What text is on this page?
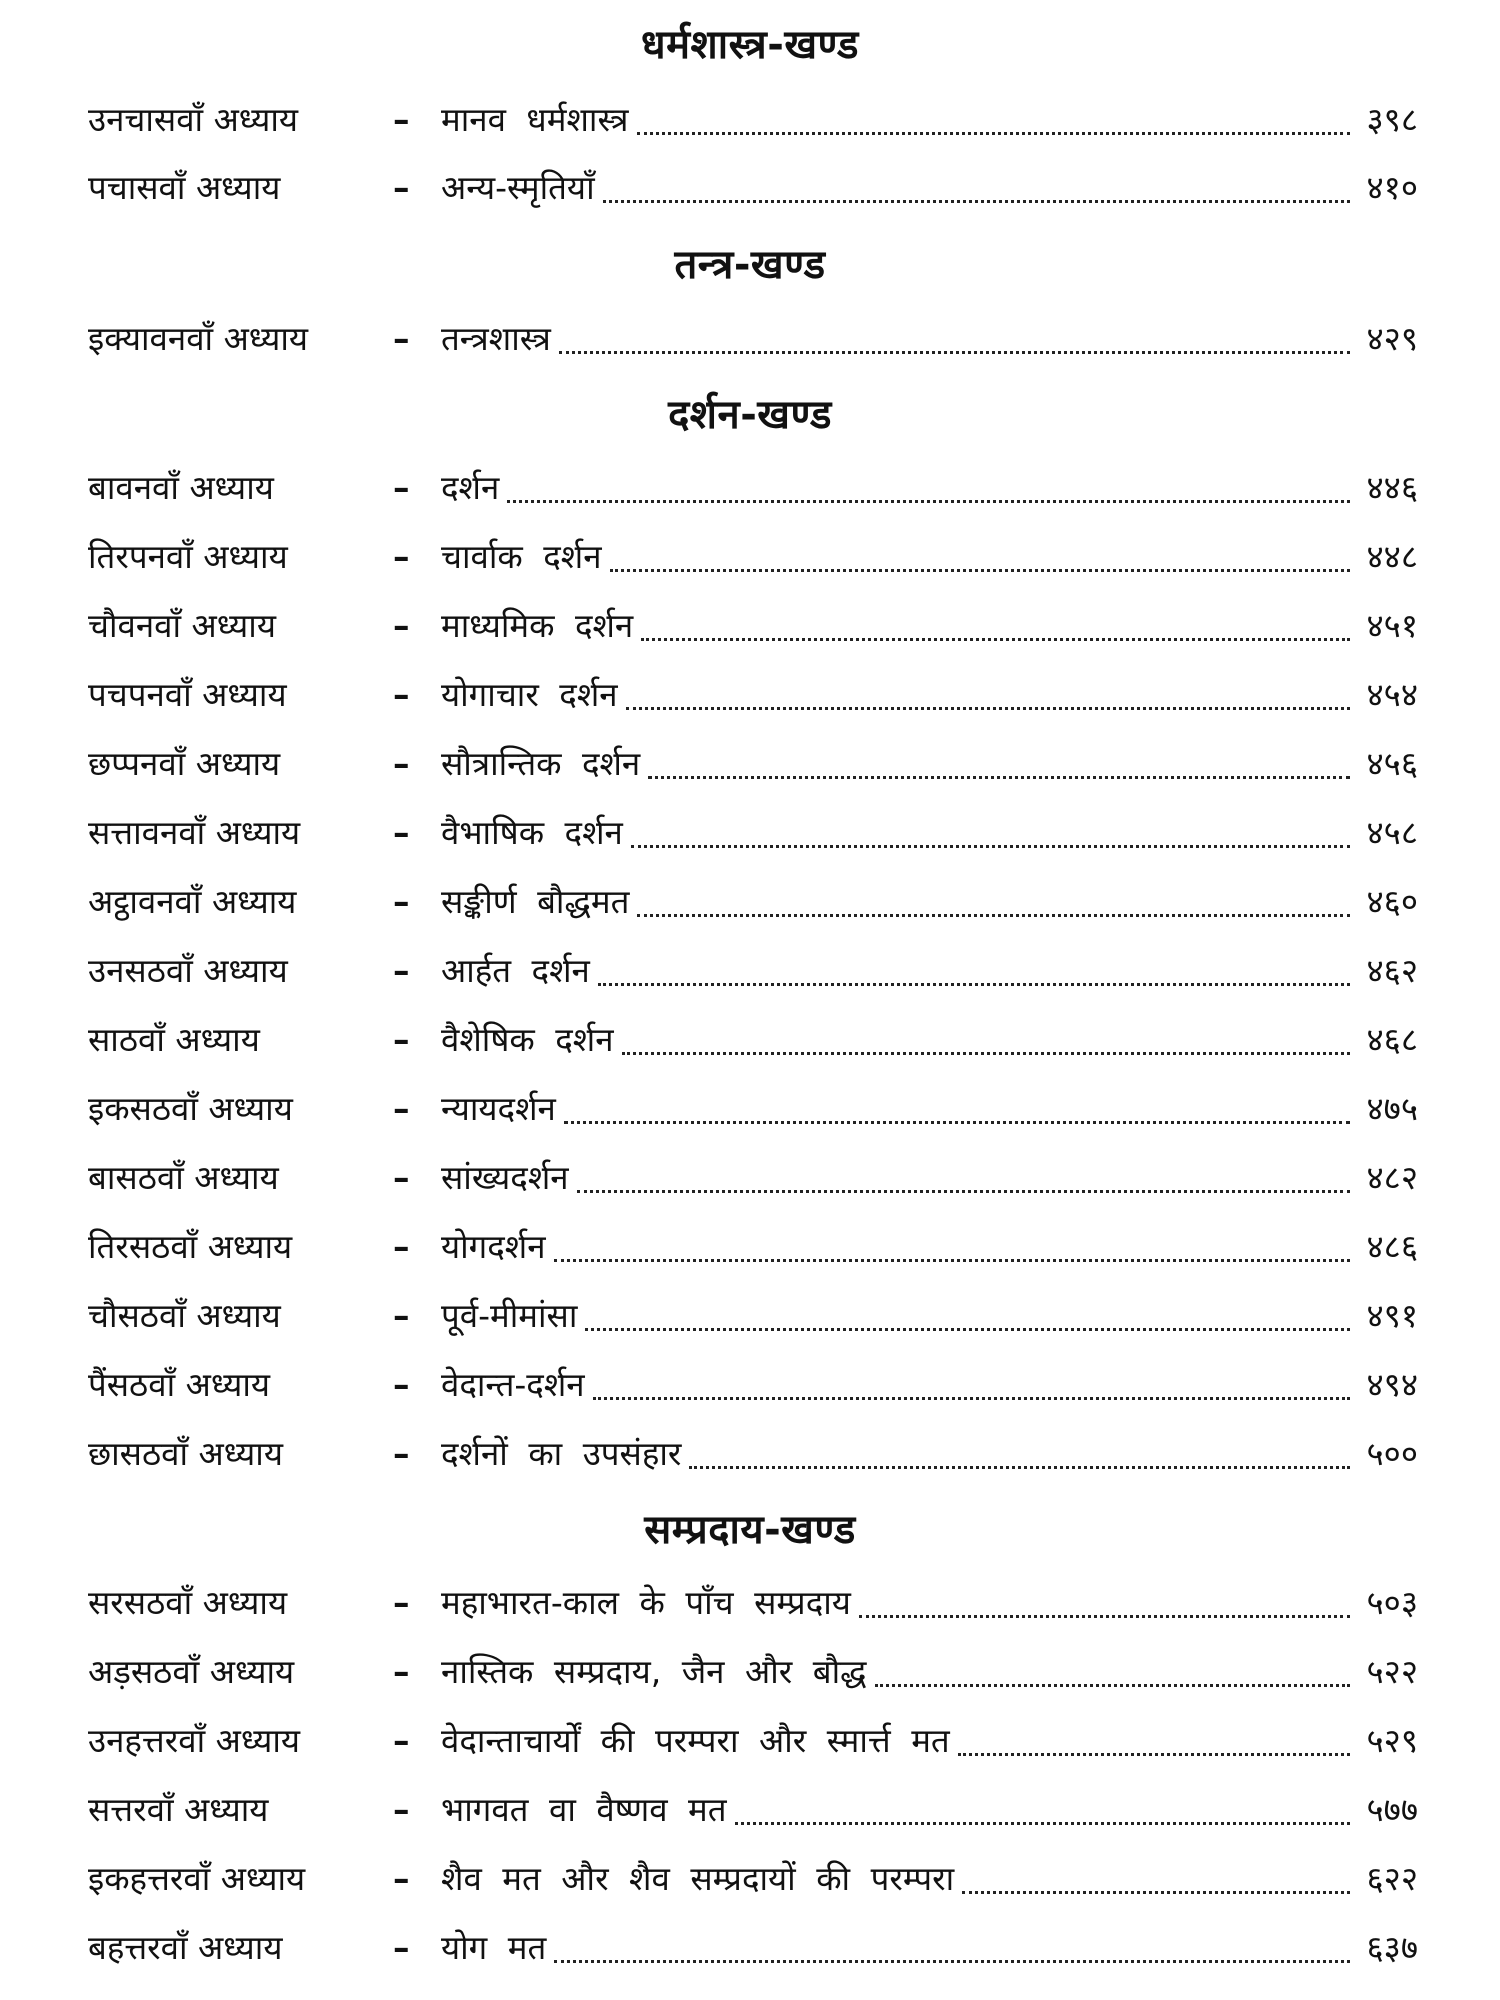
धर्मशास्त्र-खण्ड
उनचासवाँ अध्याय	– मानव धर्मशास्त्र	३९८
पचासवाँ अध्याय	– अन्य-स्मृतियाँ	४१०
तन्त्र-खण्ड
इक्यावनवाँ अध्याय	– तन्त्रशास्त्र	४२९
दर्शन-खण्ड
बावनवाँ अध्याय	– दर्शन	४४६
तिरपनवाँ अध्याय	– चार्वाक दर्शन	४४८
चौवनवाँ अध्याय	– माध्यमिक दर्शन	४५१
पचपनवाँ अध्याय	– योगाचार दर्शन	४५४
छप्पनवाँ अध्याय	– सौत्रान्तिक दर्शन	४५६
सत्तावनवाँ अध्याय	– वैभाषिक दर्शन	४५८
अट्ठावनवाँ अध्याय	– सङ्कीर्ण बौद्धमत	४६०
उनसठवाँ अध्याय	– आर्हत दर्शन	४६२
साठवाँ अध्याय	– वैशेषिक दर्शन	४६८
इकसठवाँ अध्याय	– न्यायदर्शन	४७५
बासठवाँ अध्याय	– सांख्यदर्शन	४८२
तिरसठवाँ अध्याय	– योगदर्शन	४८६
चौसठवाँ अध्याय	– पूर्व-मीमांसा	४९१
पैंसठवाँ अध्याय	– वेदान्त-दर्शन	४९४
छासठवाँ अध्याय	– दर्शनों का उपसंहार	५००
सम्प्रदाय-खण्ड
सरसठवाँ अध्याय	– महाभारत-काल के पाँच सम्प्रदाय	५०३
अड़सठवाँ अध्याय	– नास्तिक सम्प्रदाय, जैन और बौद्ध	५२२
उनहत्तरवाँ अध्याय	– वेदान्ताचार्यों की परम्परा और स्मार्त्त मत	५२९
सत्तरवाँ अध्याय	– भागवत वा वैष्णव मत	५७७
इकहत्तरवाँ अध्याय	– शैव मत और शैव सम्प्रदायों की परम्परा	६२२
बहत्तरवाँ अध्याय	– योग मत	६३७
